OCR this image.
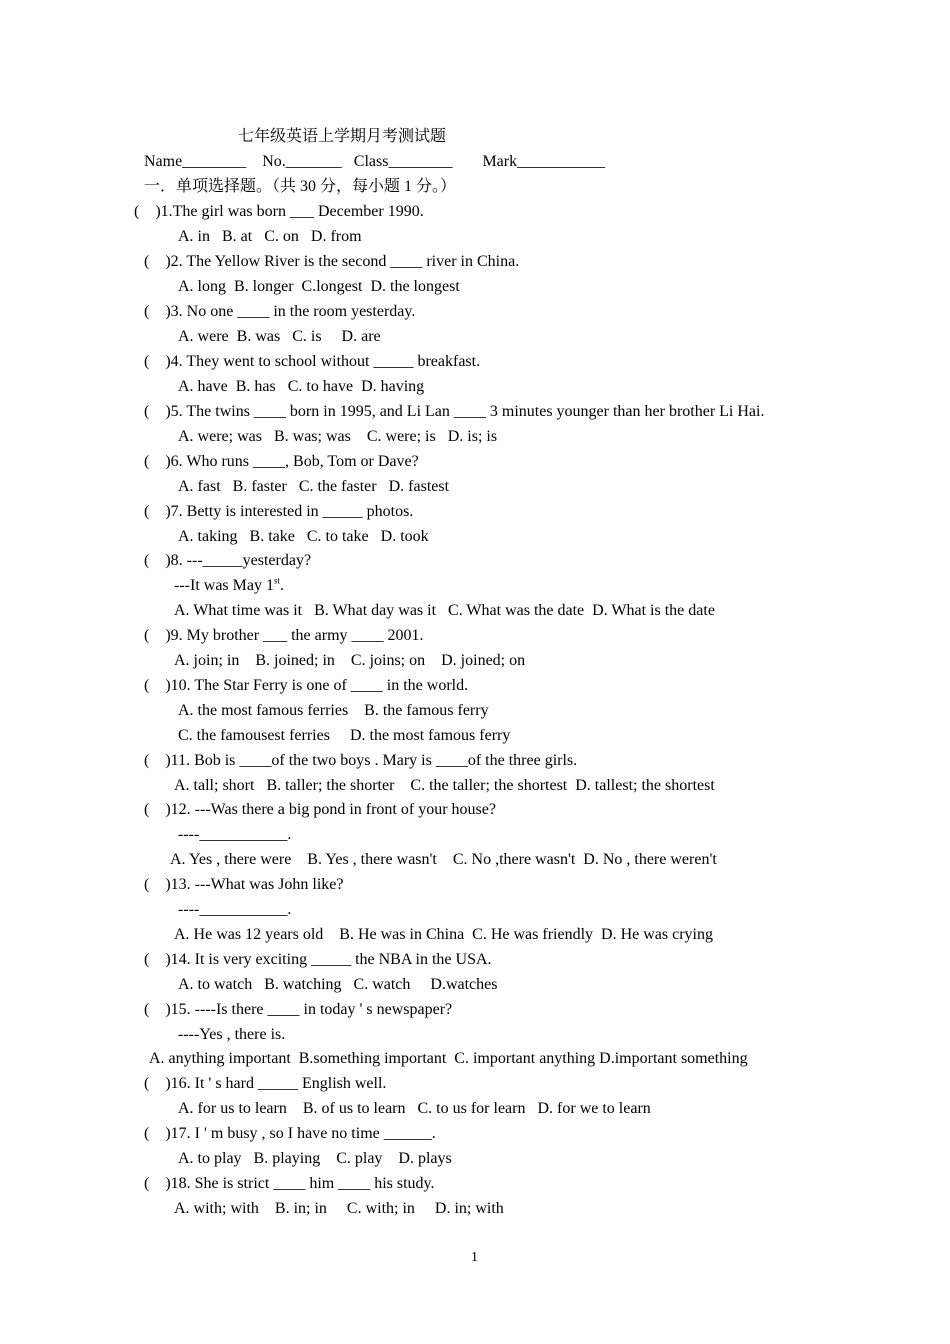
七年级英语上学期月考测试题
Name________ No._______ Class________ Mark___________
一．单项选择题。（共 30 分，每小题 1 分。）
(    )1.The girl was born ___ December 1990.
A. in   B. at   C. on   D. from
(    )2. The Yellow River is the second ____ river in China.
A. long  B. longer  C.longest  D. the longest
(    )3. No one ____ in the room yesterday.
A. were  B. was   C. is     D. are
(    )4. They went to school without _____ breakfast.
A. have  B. has   C. to have  D. having
(    )5. The twins ____ born in 1995, and Li Lan ____ 3 minutes younger than her brother Li Hai.
A. were; was   B. was; was    C. were; is   D. is; is
(    )6. Who runs ____, Bob, Tom or Dave?
A. fast   B. faster   C. the faster   D. fastest
(    )7. Betty is interested in _____ photos.
A. taking   B. take   C. to take   D. took
(    )8. ---_____yesterday?
---It was May 1st.
A. What time was it   B. What day was it   C. What was the date  D. What is the date
(    )9. My brother ___ the army ____ 2001.
A. join; in    B. joined; in    C. joins; on    D. joined; on
(    )10. The Star Ferry is one of ____ in the world.
A. the most famous ferries    B. the famous ferry
C. the famousest ferries     D. the most famous ferry
(    )11. Bob is ____of the two boys . Mary is ____of the three girls.
A. tall; short   B. taller; the shorter    C. the taller; the shortest  D. tallest; the shortest
(    )12. ---Was there a big pond in front of your house?
----___________.
A. Yes , there were    B. Yes , there wasn't    C. No ,there wasn't  D. No , there weren't
(    )13. ---What was John like?
----___________.
A. He was 12 years old    B. He was in China  C. He was friendly  D. He was crying
(    )14. It is very exciting _____ the NBA in the USA.
A. to watch   B. watching   C. watch     D.watches
(    )15. ----Is there ____ in today ' s newspaper?
----Yes , there is.
A. anything important  B.something important  C. important anything D.important something
(    )16. It ' s hard _____ English well.
A. for us to learn    B. of us to learn   C. to us for learn   D. for we to learn
(    )17. I ' m busy , so I have no time ______.
A. to play   B. playing    C. play    D. plays
(    )18. She is strict ____ him ____ his study.
A. with; with    B. in; in     C. with; in     D. in; with
1
